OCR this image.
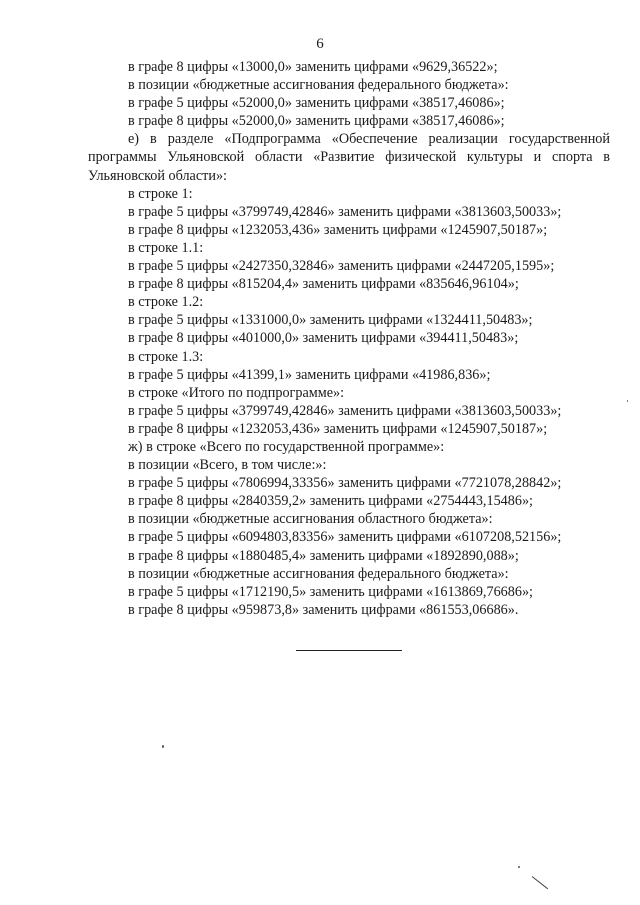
6
в графе 8 цифры «13000,0» заменить цифрами «9629,36522»;
в позиции «бюджетные ассигнования федерального бюджета»:
в графе 5 цифры «52000,0» заменить цифрами «38517,46086»;
в графе 8 цифры «52000,0» заменить цифрами «38517,46086»;
е) в разделе «Подпрограмма «Обеспечение реализации государственной программы Ульяновской области «Развитие физической культуры и спорта в Ульяновской области»:
в строке 1:
в графе 5 цифры «3799749,42846» заменить цифрами «3813603,50033»;
в графе 8 цифры «1232053,436» заменить цифрами «1245907,50187»;
в строке 1.1:
в графе 5 цифры «2427350,32846» заменить цифрами «2447205,1595»;
в графе 8 цифры «815204,4» заменить цифрами «835646,96104»;
в строке 1.2:
в графе 5 цифры «1331000,0» заменить цифрами «1324411,50483»;
в графе 8 цифры «401000,0» заменить цифрами «394411,50483»;
в строке 1.3:
в графе 5 цифры «41399,1» заменить цифрами «41986,836»;
в строке «Итого по подпрограмме»:
в графе 5 цифры «3799749,42846» заменить цифрами «3813603,50033»;
в графе 8 цифры «1232053,436» заменить цифрами «1245907,50187»;
ж) в строке «Всего по государственной программе»:
в позиции «Всего, в том числе:»:
в графе 5 цифры «7806994,33356» заменить цифрами «7721078,28842»;
в графе 8 цифры «2840359,2» заменить цифрами «2754443,15486»;
в позиции «бюджетные ассигнования областного бюджета»:
в графе 5 цифры «6094803,83356» заменить цифрами «6107208,52156»;
в графе 8 цифры «1880485,4» заменить цифрами «1892890,088»;
в позиции «бюджетные ассигнования федерального бюджета»:
в графе 5 цифры «1712190,5» заменить цифрами «1613869,76686»;
в графе 8 цифры «959873,8» заменить цифрами «861553,06686».
